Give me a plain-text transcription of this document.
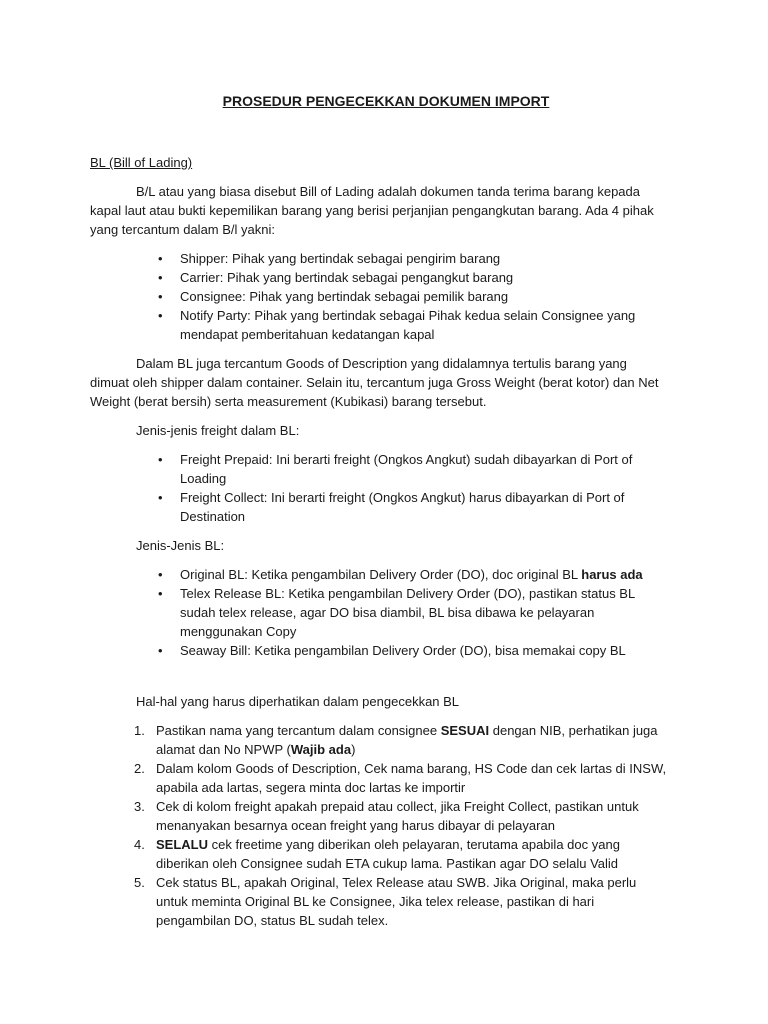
PROSEDUR PENGECEKKAN DOKUMEN IMPORT
BL (Bill of Lading)

B/L atau yang biasa disebut Bill of Lading adalah dokumen tanda terima barang kepada kapal laut atau bukti kepemilikan barang yang berisi perjanjian pengangkutan barang. Ada 4 pihak yang tercantum dalam B/l yakni:

• Shipper: Pihak yang bertindak sebagai pengirim barang
• Carrier: Pihak yang bertindak sebagai pengangkut barang
• Consignee: Pihak yang bertindak sebagai pemilik barang
• Notify Party: Pihak yang bertindak sebagai Pihak kedua selain Consignee yang mendapat pemberitahuan kedatangan kapal

Dalam BL juga tercantum Goods of Description yang didalamnya tertulis barang yang dimuat oleh shipper dalam container. Selain itu, tercantum juga Gross Weight (berat kotor) dan Net Weight (berat bersih) serta measurement (Kubikasi) barang tersebut.

Jenis-jenis freight dalam BL:
• Freight Prepaid: Ini berarti freight (Ongkos Angkut) sudah dibayarkan di Port of Loading
• Freight Collect: Ini berarti freight (Ongkos Angkut) harus dibayarkan di Port of Destination
Jenis-Jenis BL:
• Original BL: Ketika pengambilan Delivery Order (DO), doc original BL harus ada
• Telex Release BL: Ketika pengambilan Delivery Order (DO), pastikan status BL sudah telex release, agar DO bisa diambil, BL bisa dibawa ke pelayaran menggunakan Copy
• Seaway Bill: Ketika pengambilan Delivery Order (DO), bisa memakai copy BL
Hal-hal yang harus diperhatikan dalam pengecekkan BL
1. Pastikan nama yang tercantum dalam consignee SESUAI dengan NIB, perhatikan juga alamat dan No NPWP (Wajib ada)
2. Dalam kolom Goods of Description, Cek nama barang, HS Code dan cek lartas di INSW, apabila ada lartas, segera minta doc lartas ke importir
3. Cek di kolom freight apakah prepaid atau collect, jika Freight Collect, pastikan untuk menanyakan besarnya ocean freight yang harus dibayar di pelayaran
4. SELALU cek freetime yang diberikan oleh pelayaran, terutama apabila doc yang diberikan oleh Consignee sudah ETA cukup lama. Pastikan agar DO selalu Valid
5. Cek status BL, apakah Original, Telex Release atau SWB. Jika Original, maka perlu untuk meminta Original BL ke Consignee, Jika telex release, pastikan di hari pengambilan DO, status BL sudah telex.
